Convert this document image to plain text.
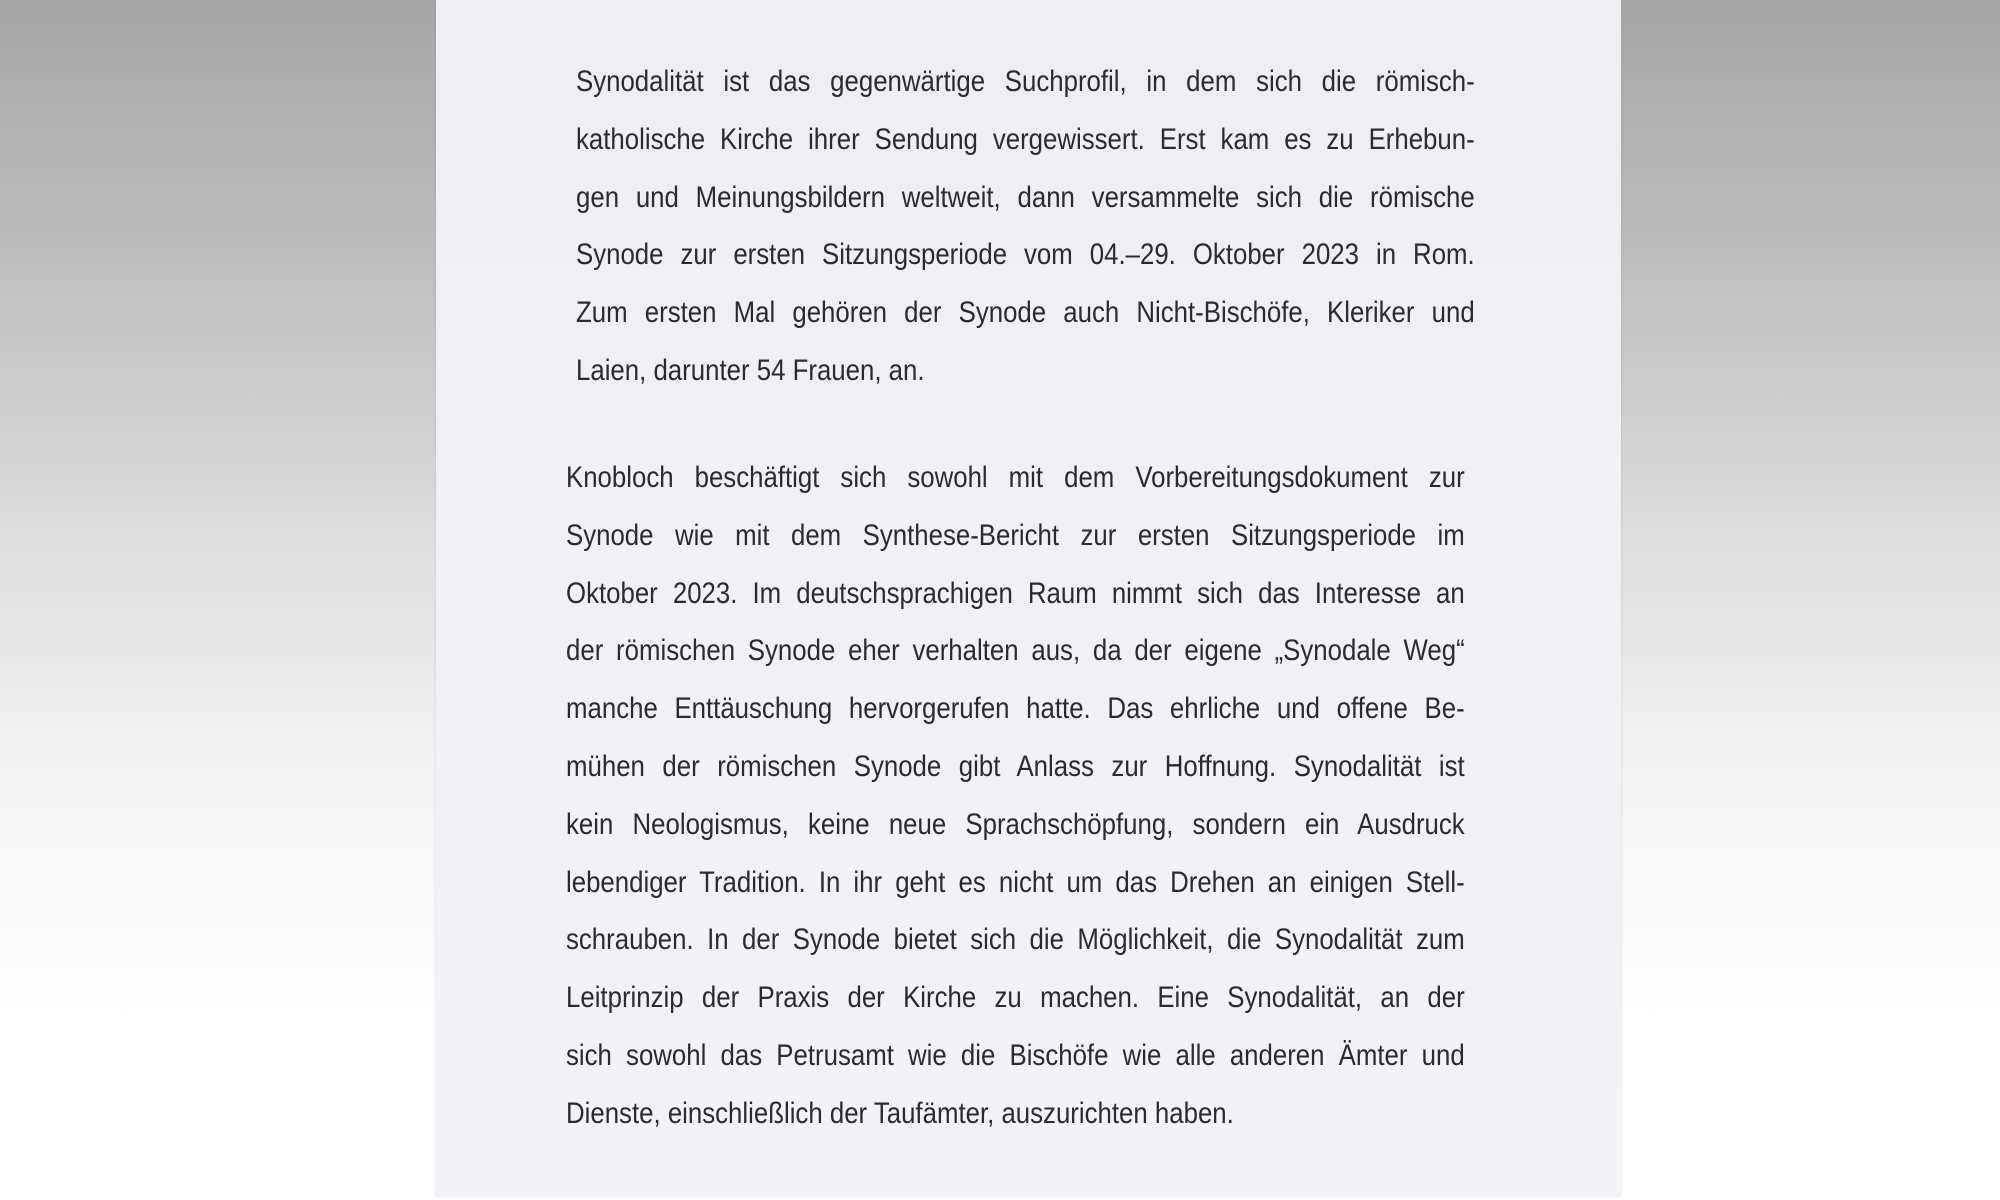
Synodalität ist das gegenwärtige Suchprofil, in dem sich die römisch-
katholische Kirche ihrer Sendung vergewissert. Erst kam es zu Erhebun-
gen und Meinungsbildern weltweit, dann versammelte sich die römische
Synode zur ersten Sitzungsperiode vom 04.–29. Oktober 2023 in Rom.
Zum ersten Mal gehören der Synode auch Nicht-Bischöfe, Kleriker und
Laien, darunter 54 Frauen, an.
Knobloch beschäftigt sich sowohl mit dem Vorbereitungsdokument zur
Synode wie mit dem Synthese-Bericht zur ersten Sitzungsperiode im
Oktober 2023. Im deutschsprachigen Raum nimmt sich das Interesse an
der römischen Synode eher verhalten aus, da der eigene „Synodale Weg“
manche Enttäuschung hervorgerufen hatte. Das ehrliche und offene Be-
mühen der römischen Synode gibt Anlass zur Hoffnung. Synodalität ist
kein Neologismus, keine neue Sprachschöpfung, sondern ein Ausdruck
lebendiger Tradition. In ihr geht es nicht um das Drehen an einigen Stell-
schrauben. In der Synode bietet sich die Möglichkeit, die Synodalität zum
Leitprinzip der Praxis der Kirche zu machen. Eine Synodalität, an der
sich sowohl das Petrusamt wie die Bischöfe wie alle anderen Ämter und
Dienste, einschließlich der Taufämter, auszurichten haben.
